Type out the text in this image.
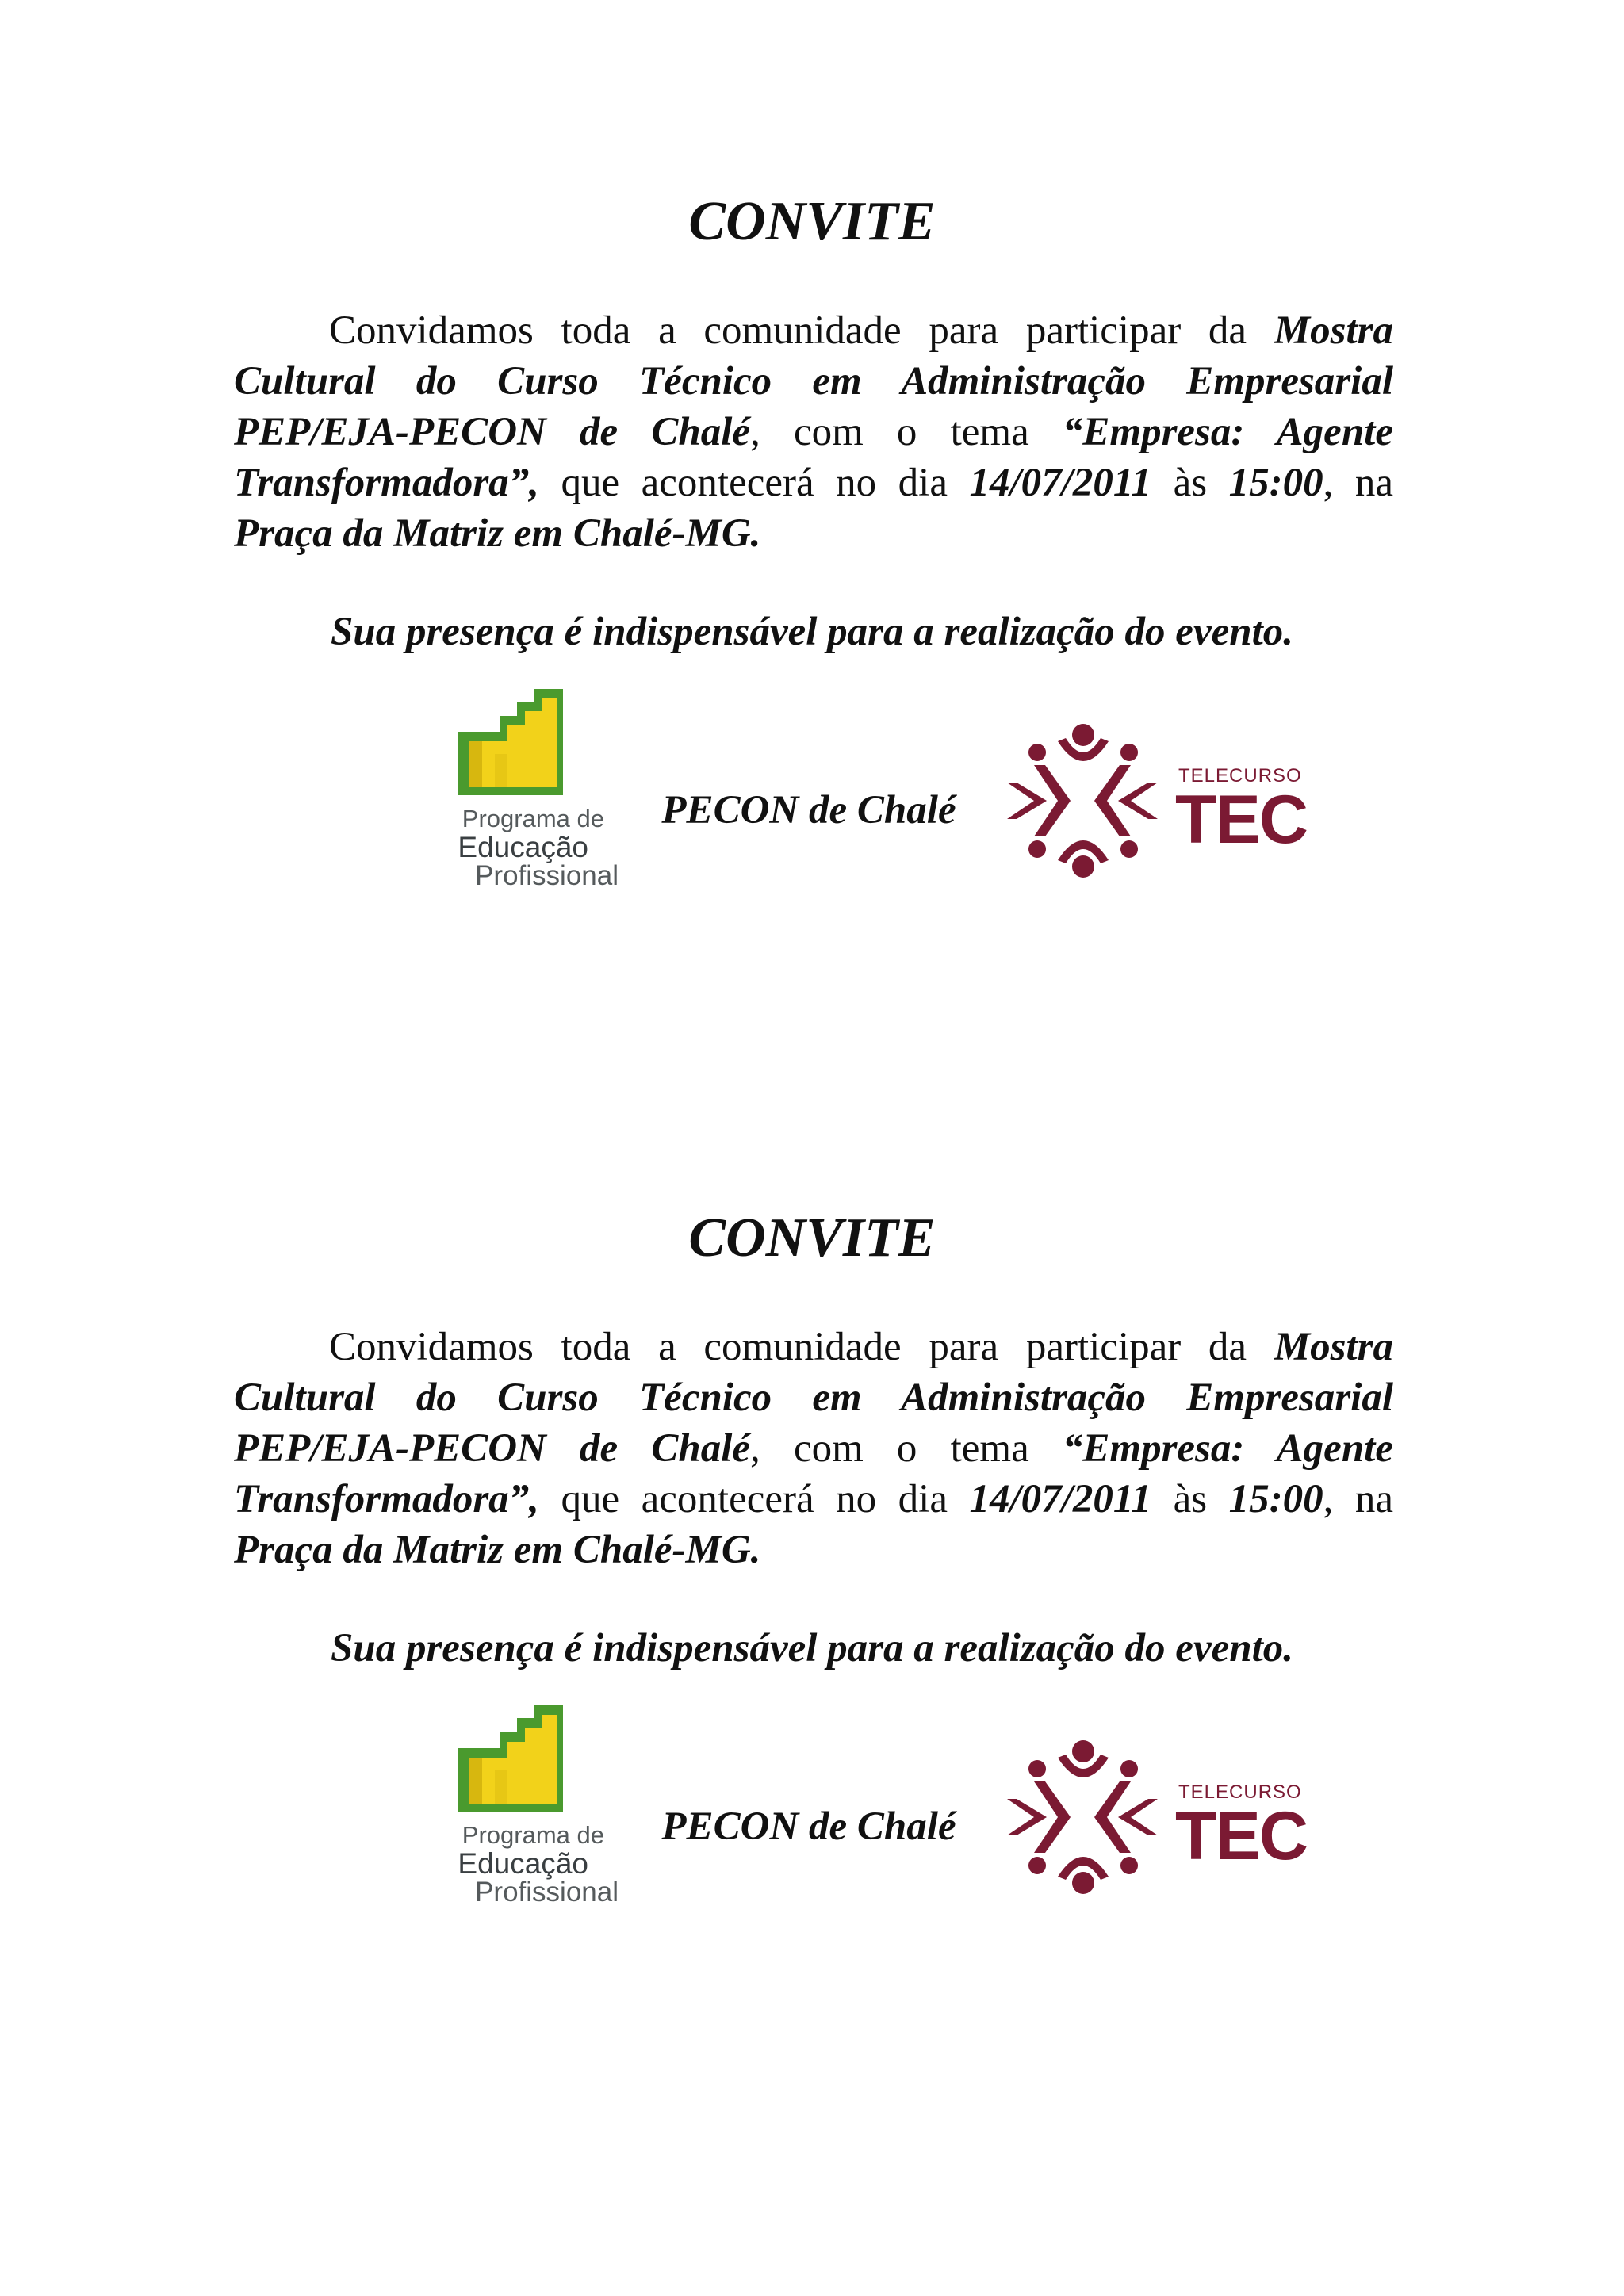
CONVITE

Convidamos toda a comunidade para participar da Mostra Cultural do Curso Técnico em Administração Empresarial PEP/EJA-PECON de Chalé, com o tema “Empresa: Agente Transformadora”, que acontecerá no dia 14/07/2011 às 15:00, na Praça da Matriz em Chalé-MG.

Sua presença é indispensável para a realização do evento.
Programa de
Educação
Profissional
PECON de Chalé
TELECURSO
TEC
CONVITE

Convidamos toda a comunidade para participar da Mostra Cultural do Curso Técnico em Administração Empresarial PEP/EJA-PECON de Chalé, com o tema “Empresa: Agente Transformadora”, que acontecerá no dia 14/07/2011 às 15:00, na Praça da Matriz em Chalé-MG.

Sua presença é indispensável para a realização do evento.
Programa de
Educação
Profissional
PECON de Chalé
TELECURSO
TEC
